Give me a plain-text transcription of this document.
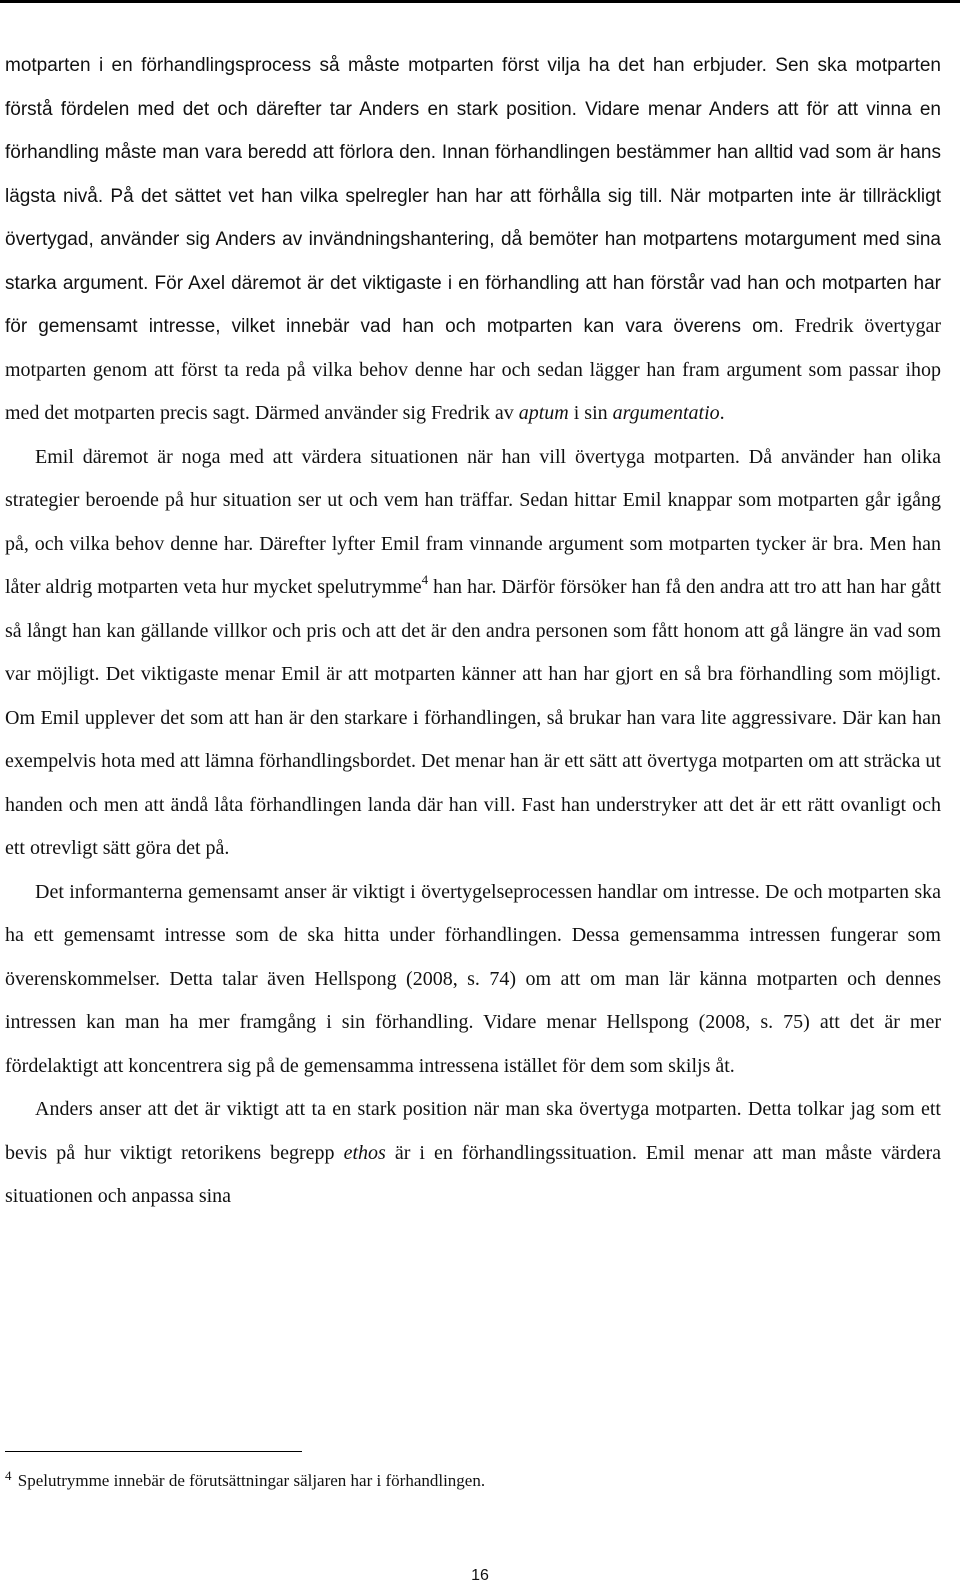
motparten i en förhandlingsprocess så måste motparten först vilja ha det han erbjuder. Sen ska motparten förstå fördelen med det och därefter tar Anders en stark position. Vidare menar Anders att för att vinna en förhandling måste man vara beredd att förlora den. Innan förhandlingen bestämmer han alltid vad som är hans lägsta nivå. På det sättet vet han vilka spelregler han har att förhålla sig till. När motparten inte är tillräckligt övertygad, använder sig Anders av invändningshantering, då bemöter han motpartens motargument med sina starka argument. För Axel däremot är det viktigaste i en förhandling att han förstår vad han och motparten har för gemensamt intresse, vilket innebär vad han och motparten kan vara överens om. Fredrik övertygar motparten genom att först ta reda på vilka behov denne har och sedan lägger han fram argument som passar ihop med det motparten precis sagt. Därmed använder sig Fredrik av aptum i sin argumentatio.

Emil däremot är noga med att värdera situationen när han vill övertyga motparten. Då använder han olika strategier beroende på hur situation ser ut och vem han träffar. Sedan hittar Emil knappar som motparten går igång på, och vilka behov denne har. Därefter lyfter Emil fram vinnande argument som motparten tycker är bra. Men han låter aldrig motparten veta hur mycket spelutrymme$^4$ han har. Därför försöker han få den andra att tro att han har gått så långt han kan gällande villkor och pris och att det är den andra personen som fått honom att gå längre än vad som var möjligt. Det viktigaste menar Emil är att motparten känner att han har gjort en så bra förhandling som möjligt. Om Emil upplever det som att han är den starkare i förhandlingen, så brukar han vara lite aggressivare. Där kan han exempelvis hota med att lämna förhandlingsbordet. Det menar han är ett sätt att övertyga motparten om att sträcka ut handen och men att ändå låta förhandlingen landa där han vill. Fast han understryker att det är ett rätt ovanligt och ett otrevligt sätt göra det på.

Det informanterna gemensamt anser är viktigt i övertygelseprocessen handlar om intresse. De och motparten ska ha ett gemensamt intresse som de ska hitta under förhandlingen. Dessa gemensamma intressen fungerar som överenskommelser. Detta talar även Hellspong (2008, s. 74) om att om man lär känna motparten och dennes intressen kan man ha mer framgång i sin förhandling. Vidare menar Hellspong (2008, s. 75) att det är mer fördelaktigt att koncentrera sig på de gemensamma intressena istället för dem som skiljs åt.

Anders anser att det är viktigt att ta en stark position när man ska övertyga motparten. Detta tolkar jag som ett bevis på hur viktigt retorikens begrepp ethos är i en förhandlingssituation. Emil menar att man måste värdera situationen och anpassa sina

$^4$ Spelutrymme innebär de förutsättningar säljaren har i förhandlingen.
16
